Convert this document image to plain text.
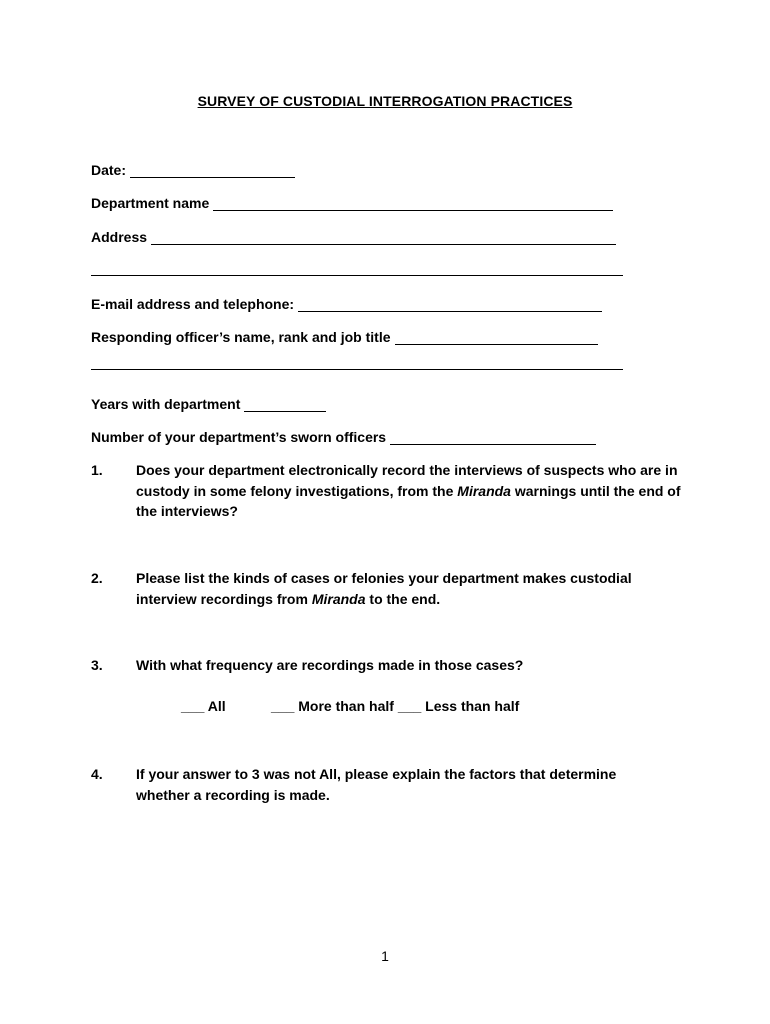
SURVEY OF CUSTODIAL INTERROGATION PRACTICES
Date:
Department name
Address
E-mail address and telephone:
Responding officer’s name, rank and job title
Years with department
Number of your department’s sworn officers
1. Does your department electronically record the interviews of suspects who are in custody in some felony investigations, from the Miranda warnings until the end of the interviews?
2. Please list the kinds of cases or felonies your department makes custodial interview recordings from Miranda to the end.
3. With what frequency are recordings made in those cases?
___ All	___ More than half ___ Less than half
4. If your answer to 3 was not All, please explain the factors that determine whether a recording is made.
1
